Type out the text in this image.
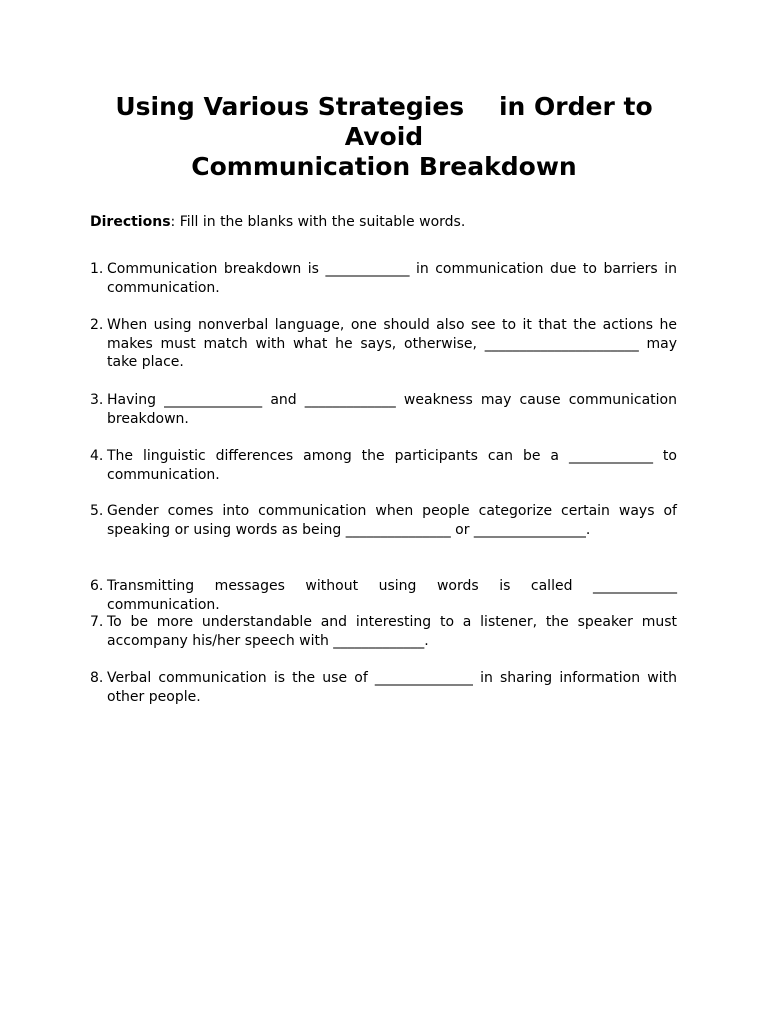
Using Various Strategies    in Order to
Avoid
Communication Breakdown
Directions: Fill in the blanks with the suitable words.
1. Communication breakdown is ____________ in communication due to barriers in communication.
2. When using nonverbal language, one should also see to it that the actions he makes must match with what he says, otherwise, ______________________ may take place.
3. Having ______________ and _____________ weakness may cause communication breakdown.
4. The linguistic differences among the participants can be a ____________ to communication.
5. Gender comes into communication when people categorize certain ways of speaking or using words as being _______________ or ________________.
6. Transmitting messages without using words is called ____________ communication.
7. To be more understandable and interesting to a listener, the speaker must accompany his/her speech with _____________.
8. Verbal communication is the use of ______________ in sharing information with other people.
